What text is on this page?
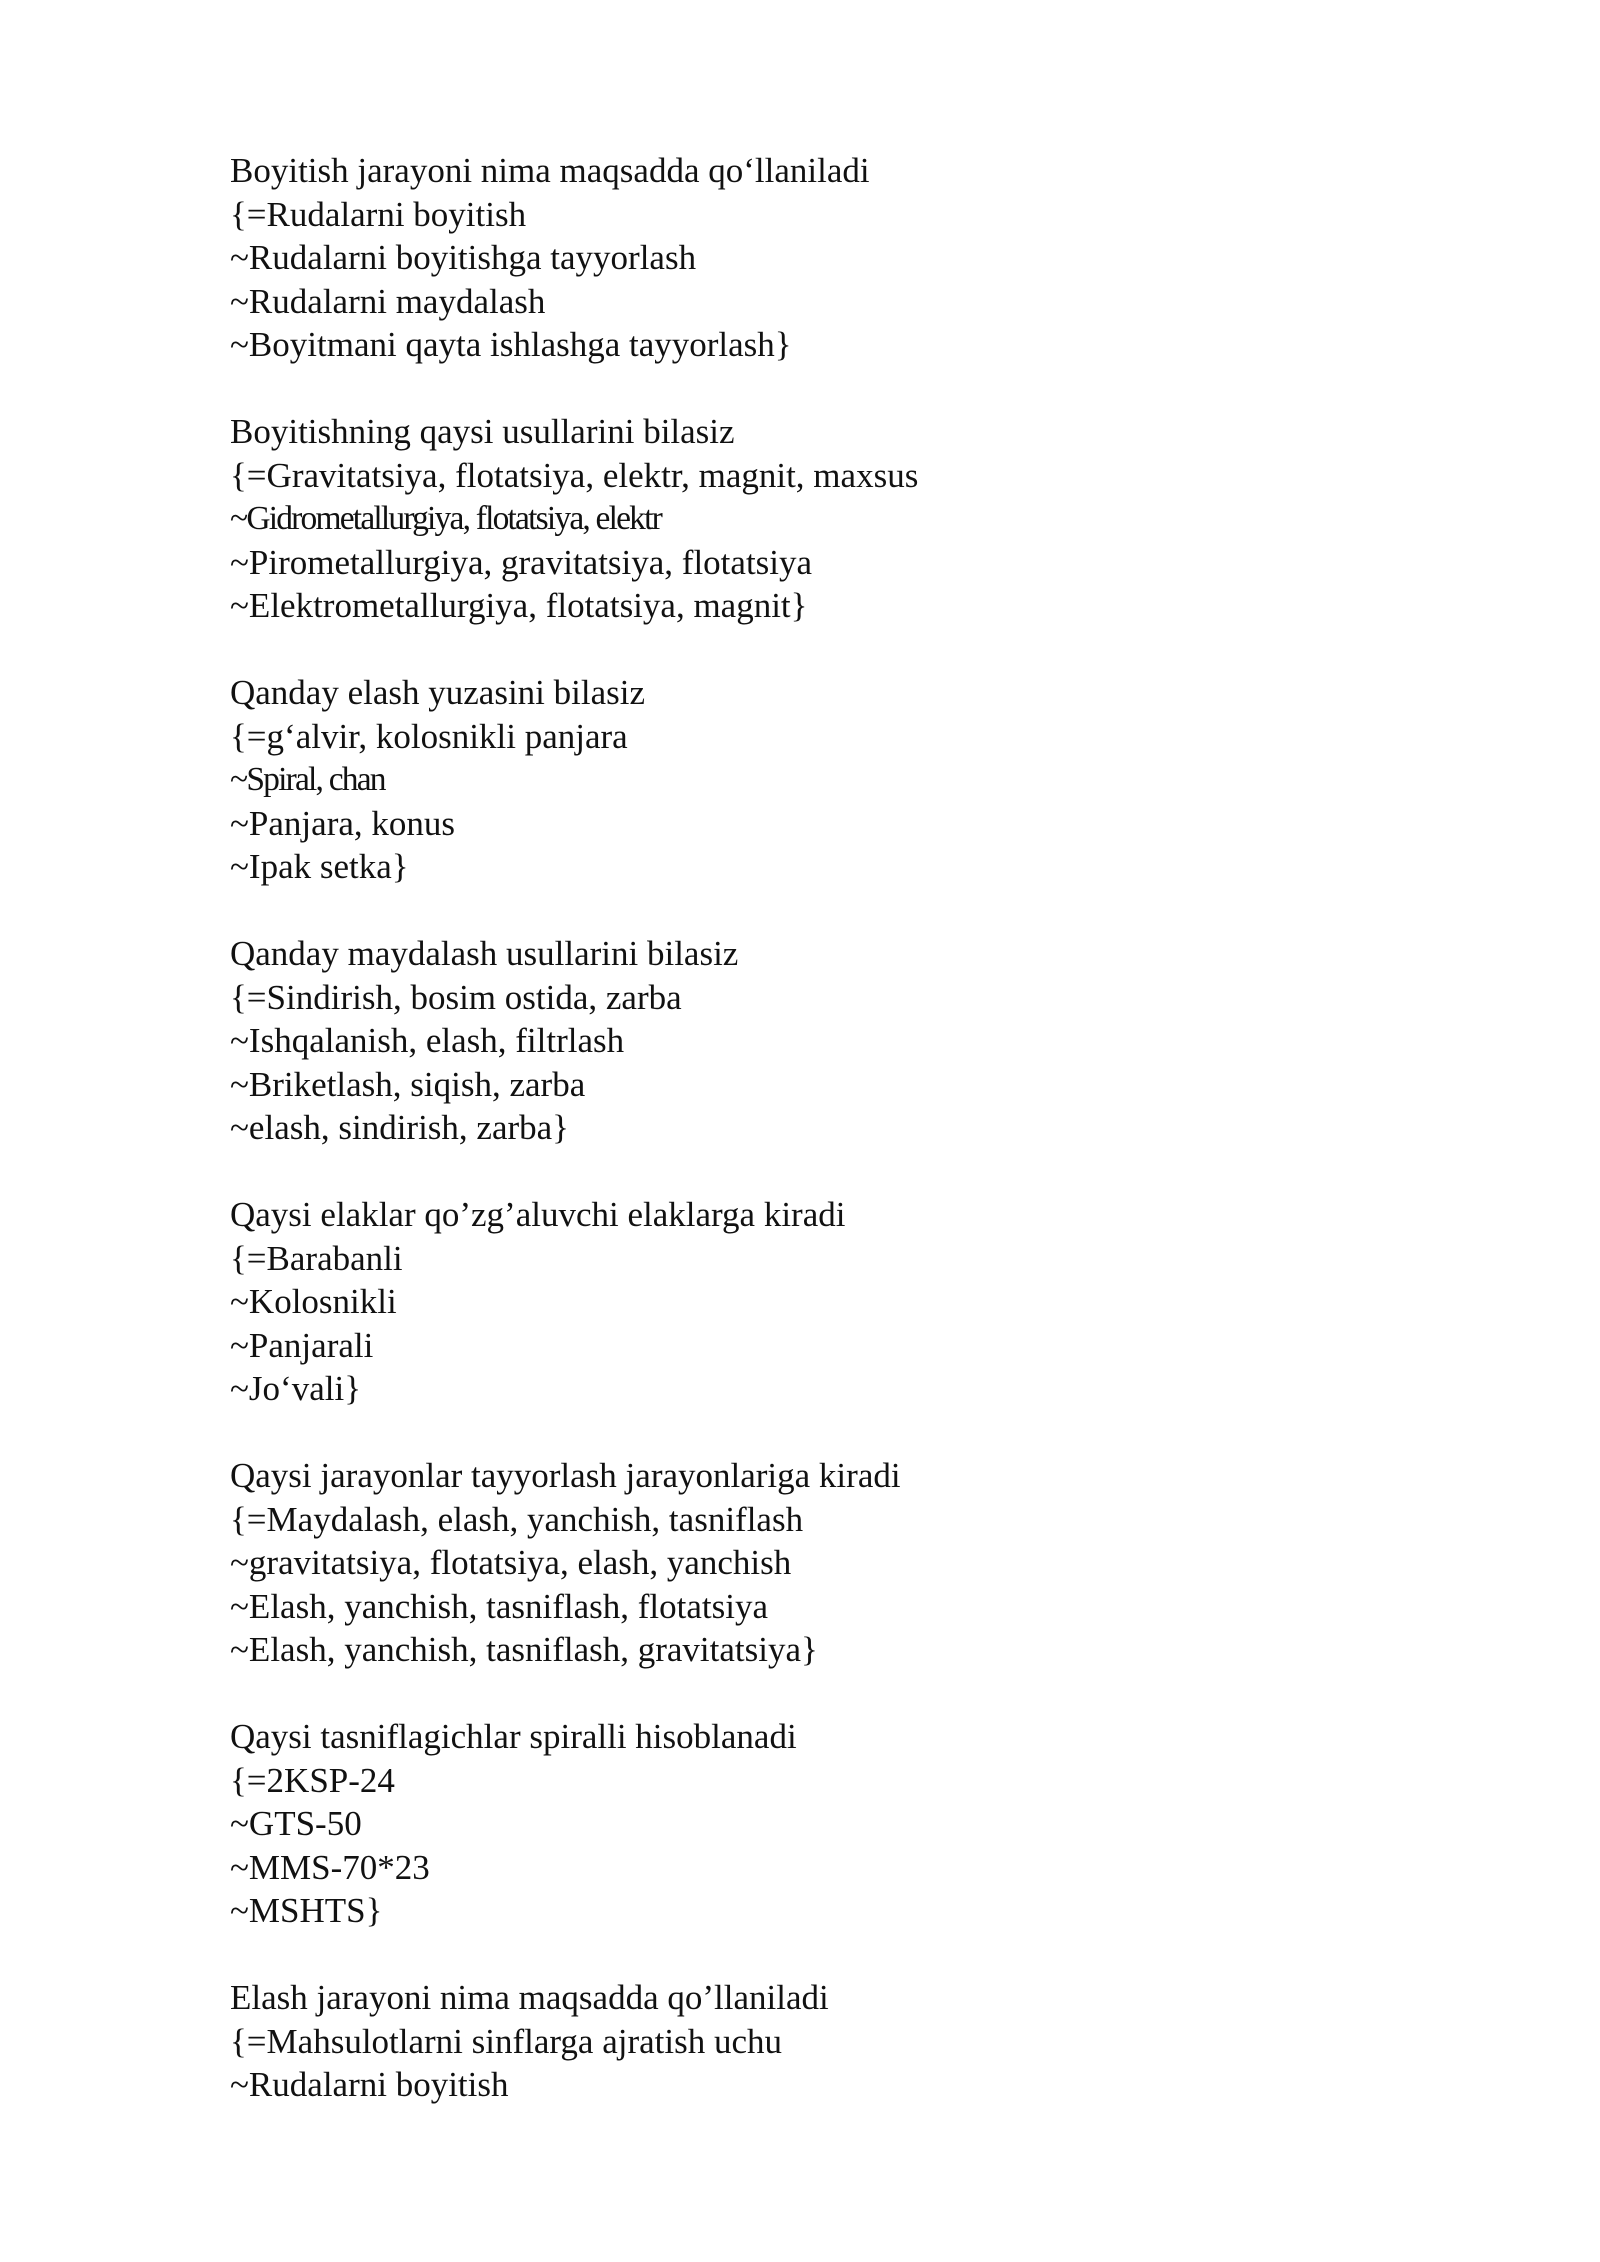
Boyitish jarayoni nima maqsadda qo‘llaniladi
{=Rudalarni boyitish
~Rudalarni boyitishga tayyorlash
~Rudalarni maydalash
~Boyitmani qayta ishlashga tayyorlash}
Boyitishning qaysi usullarini bilasiz
{=Gravitatsiya, flotatsiya, elektr, magnit, maxsus
~Gidrometallurgiya, flotatsiya, elektr
~Pirometallurgiya, gravitatsiya, flotatsiya
~Elektrometallurgiya, flotatsiya, magnit}
Qanday elash yuzasini bilasiz
{=g‘alvir, kolosnikli panjara
~Spiral, chan
~Panjara, konus
~Ipak setka}
Qanday maydalash usullarini bilasiz
{=Sindirish, bosim ostida, zarba
~Ishqalanish, elash, filtrlash
~Briketlash, siqish, zarba
~elash, sindirish, zarba}
Qaysi elaklar qo’zg’aluvchi elaklarga kiradi
{=Barabanli
~Kolosnikli
~Panjarali
~Jo‘vali}
Qaysi jarayonlar tayyorlash jarayonlariga kiradi
{=Maydalash, elash, yanchish, tasniflash
~gravitatsiya, flotatsiya, elash, yanchish
~Elash, yanchish, tasniflash, flotatsiya
~Elash, yanchish, tasniflash, gravitatsiya}
Qaysi tasniflagichlar spiralli hisoblanadi
{=2KSP-24
~GTS-50
~MMS-70*23
~MSHTS}
Elash jarayoni nima maqsadda qo’llaniladi
{=Mahsulotlarni sinflarga ajratish uchu
~Rudalarni boyitish
